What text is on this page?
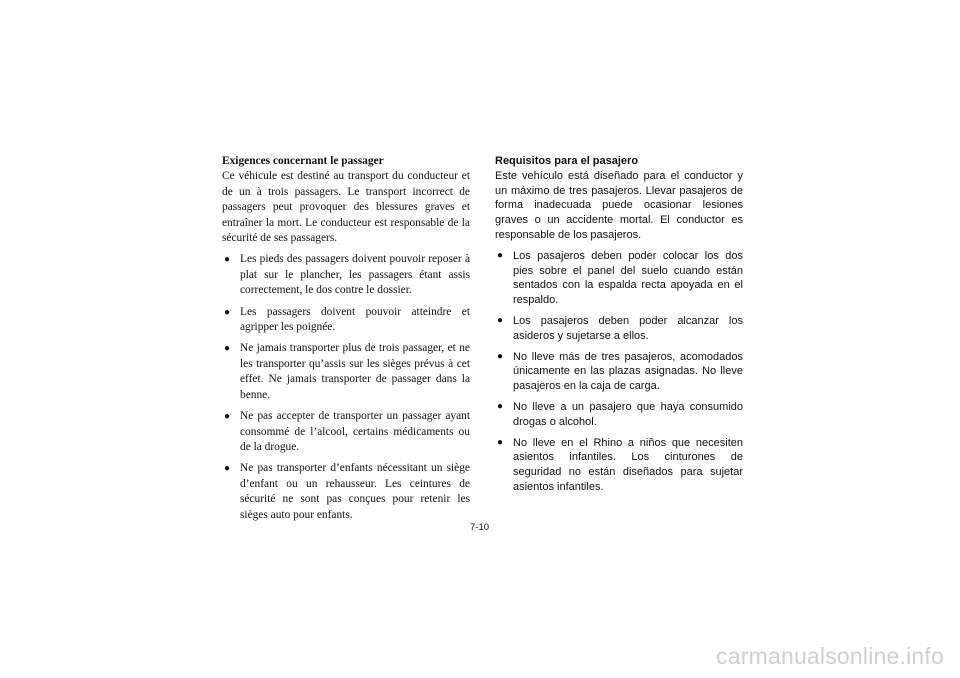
Exigences concernant le passager

Ce véhicule est destiné au transport du conducteur et de un à trois passagers. Le transport incorrect de passagers peut provoquer des blessures graves et entraîner la mort. Le conducteur est responsable de la sécurité de ses passagers.

● Les pieds des passagers doivent pouvoir reposer à plat sur le plancher, les passagers étant assis correctement, le dos contre le dossier.
● Les passagers doivent pouvoir atteindre et agripper les poignée.
● Ne jamais transporter plus de trois passager, et ne les transporter qu’assis sur les sièges prévus à cet effet. Ne jamais transporter de passager dans la benne.
● Ne pas accepter de transporter un passager ayant consommé de l’alcool, certains médicaments ou de la drogue.
● Ne pas transporter d’enfants nécessitant un siège d’enfant ou un rehausseur. Les ceintures de sécurité ne sont pas conçues pour retenir les sièges auto pour enfants.

Requisitos para el pasajero

Este vehículo está diseñado para el conductor y un máximo de tres pasajeros. Llevar pasajeros de forma inadecuada puede ocasionar lesiones graves o un accidente mortal. El conductor es responsable de los pasajeros.

● Los pasajeros deben poder colocar los dos pies sobre el panel del suelo cuando están sentados con la espalda recta apoyada en el respaldo.
● Los pasajeros deben poder alcanzar los asideros y sujetarse a ellos.
● No lleve más de tres pasajeros, acomodados únicamente en las plazas asignadas. No lleve pasajeros en la caja de carga.
● No lleve a un pasajero que haya consumido drogas o alcohol.
● No lleve en el Rhino a niños que necesiten asientos infantiles. Los cinturones de seguridad no están diseñados para sujetar asientos infantiles.
7-10
carmanualsonline.info
